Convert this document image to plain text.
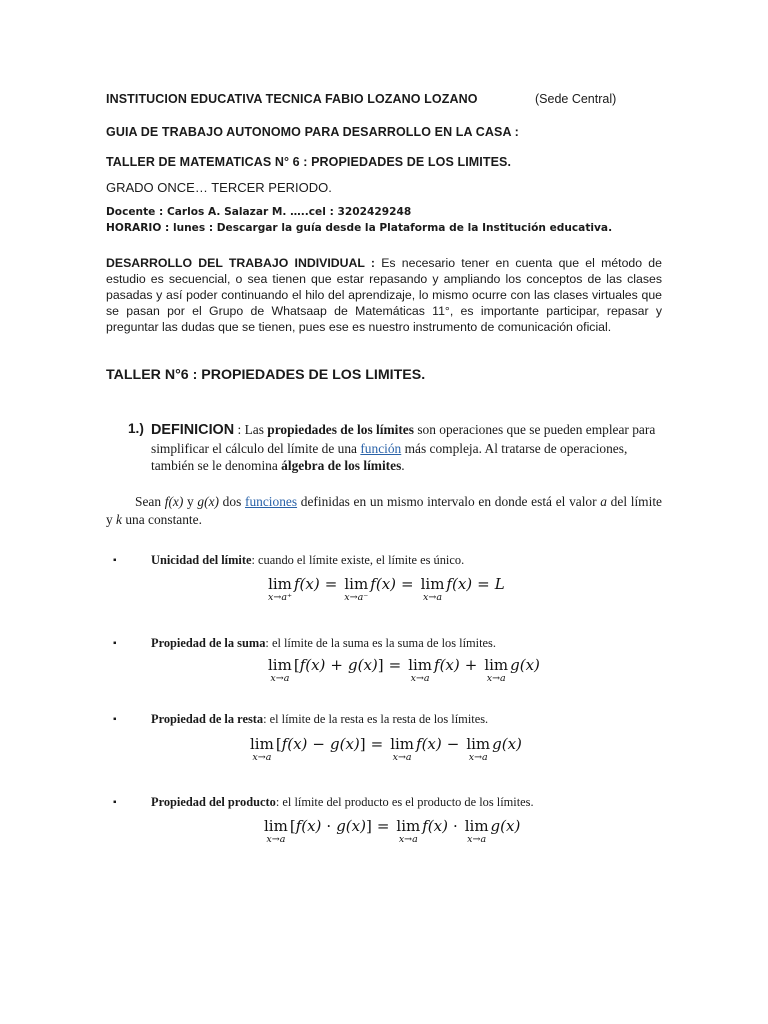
INSTITUCION EDUCATIVA TECNICA FABIO LOZANO LOZANO	(Sede Central)
GUIA DE TRABAJO AUTONOMO PARA DESARROLLO EN LA CASA :
TALLER DE MATEMATICAS N° 6 : PROPIEDADES DE LOS LIMITES.
GRADO ONCE… TERCER PERIODO.
Docente : Carlos A. Salazar M. …..cel : 3202429248
HORARIO : lunes : Descargar la guía desde la Plataforma de la Institución educativa.
DESARROLLO DEL TRABAJO INDIVIDUAL : Es necesario tener en cuenta que el método de estudio es secuencial, o sea tienen que estar repasando y ampliando los conceptos de las clases pasadas y así poder continuando el hilo del aprendizaje, lo mismo ocurre con las clases virtuales que se pasan por el Grupo de Whatsaap de Matemáticas 11°, es importante participar, repasar y preguntar las dudas que se tienen, pues ese es nuestro instrumento de comunicación oficial.
TALLER N°6 : PROPIEDADES DE LOS LIMITES.
1.) DEFINICION : Las propiedades de los límites son operaciones que se pueden emplear para simplificar el cálculo del límite de una función más compleja. Al tratarse de operaciones, también se le denomina álgebra de los límites.
Sean f(x) y g(x) dos funciones definidas en un mismo intervalo en donde está el valor a del límite y k una constante.
▪	Unicidad del límite: cuando el límite existe, el límite es único.
lim
x→a⁺
f(x) = lim
x→a⁻
f(x) = lim
x→a
f(x) = L
▪	Propiedad de la suma: el límite de la suma es la suma de los límites.
lim
x→a
[ f(x) + g(x) ] = lim
x→a
f(x) + lim
x→a
g(x)
▪	Propiedad de la resta: el límite de la resta es la resta de los límites.
lim
x→a
[ f(x) − g(x) ] = lim
x→a
f(x) − lim
x→a
g(x)
▪	Propiedad del producto: el límite del producto es el producto de los límites.
lim
x→a
[ f(x) · g(x) ] = lim
x→a
f(x) · lim
x→a
g(x)
